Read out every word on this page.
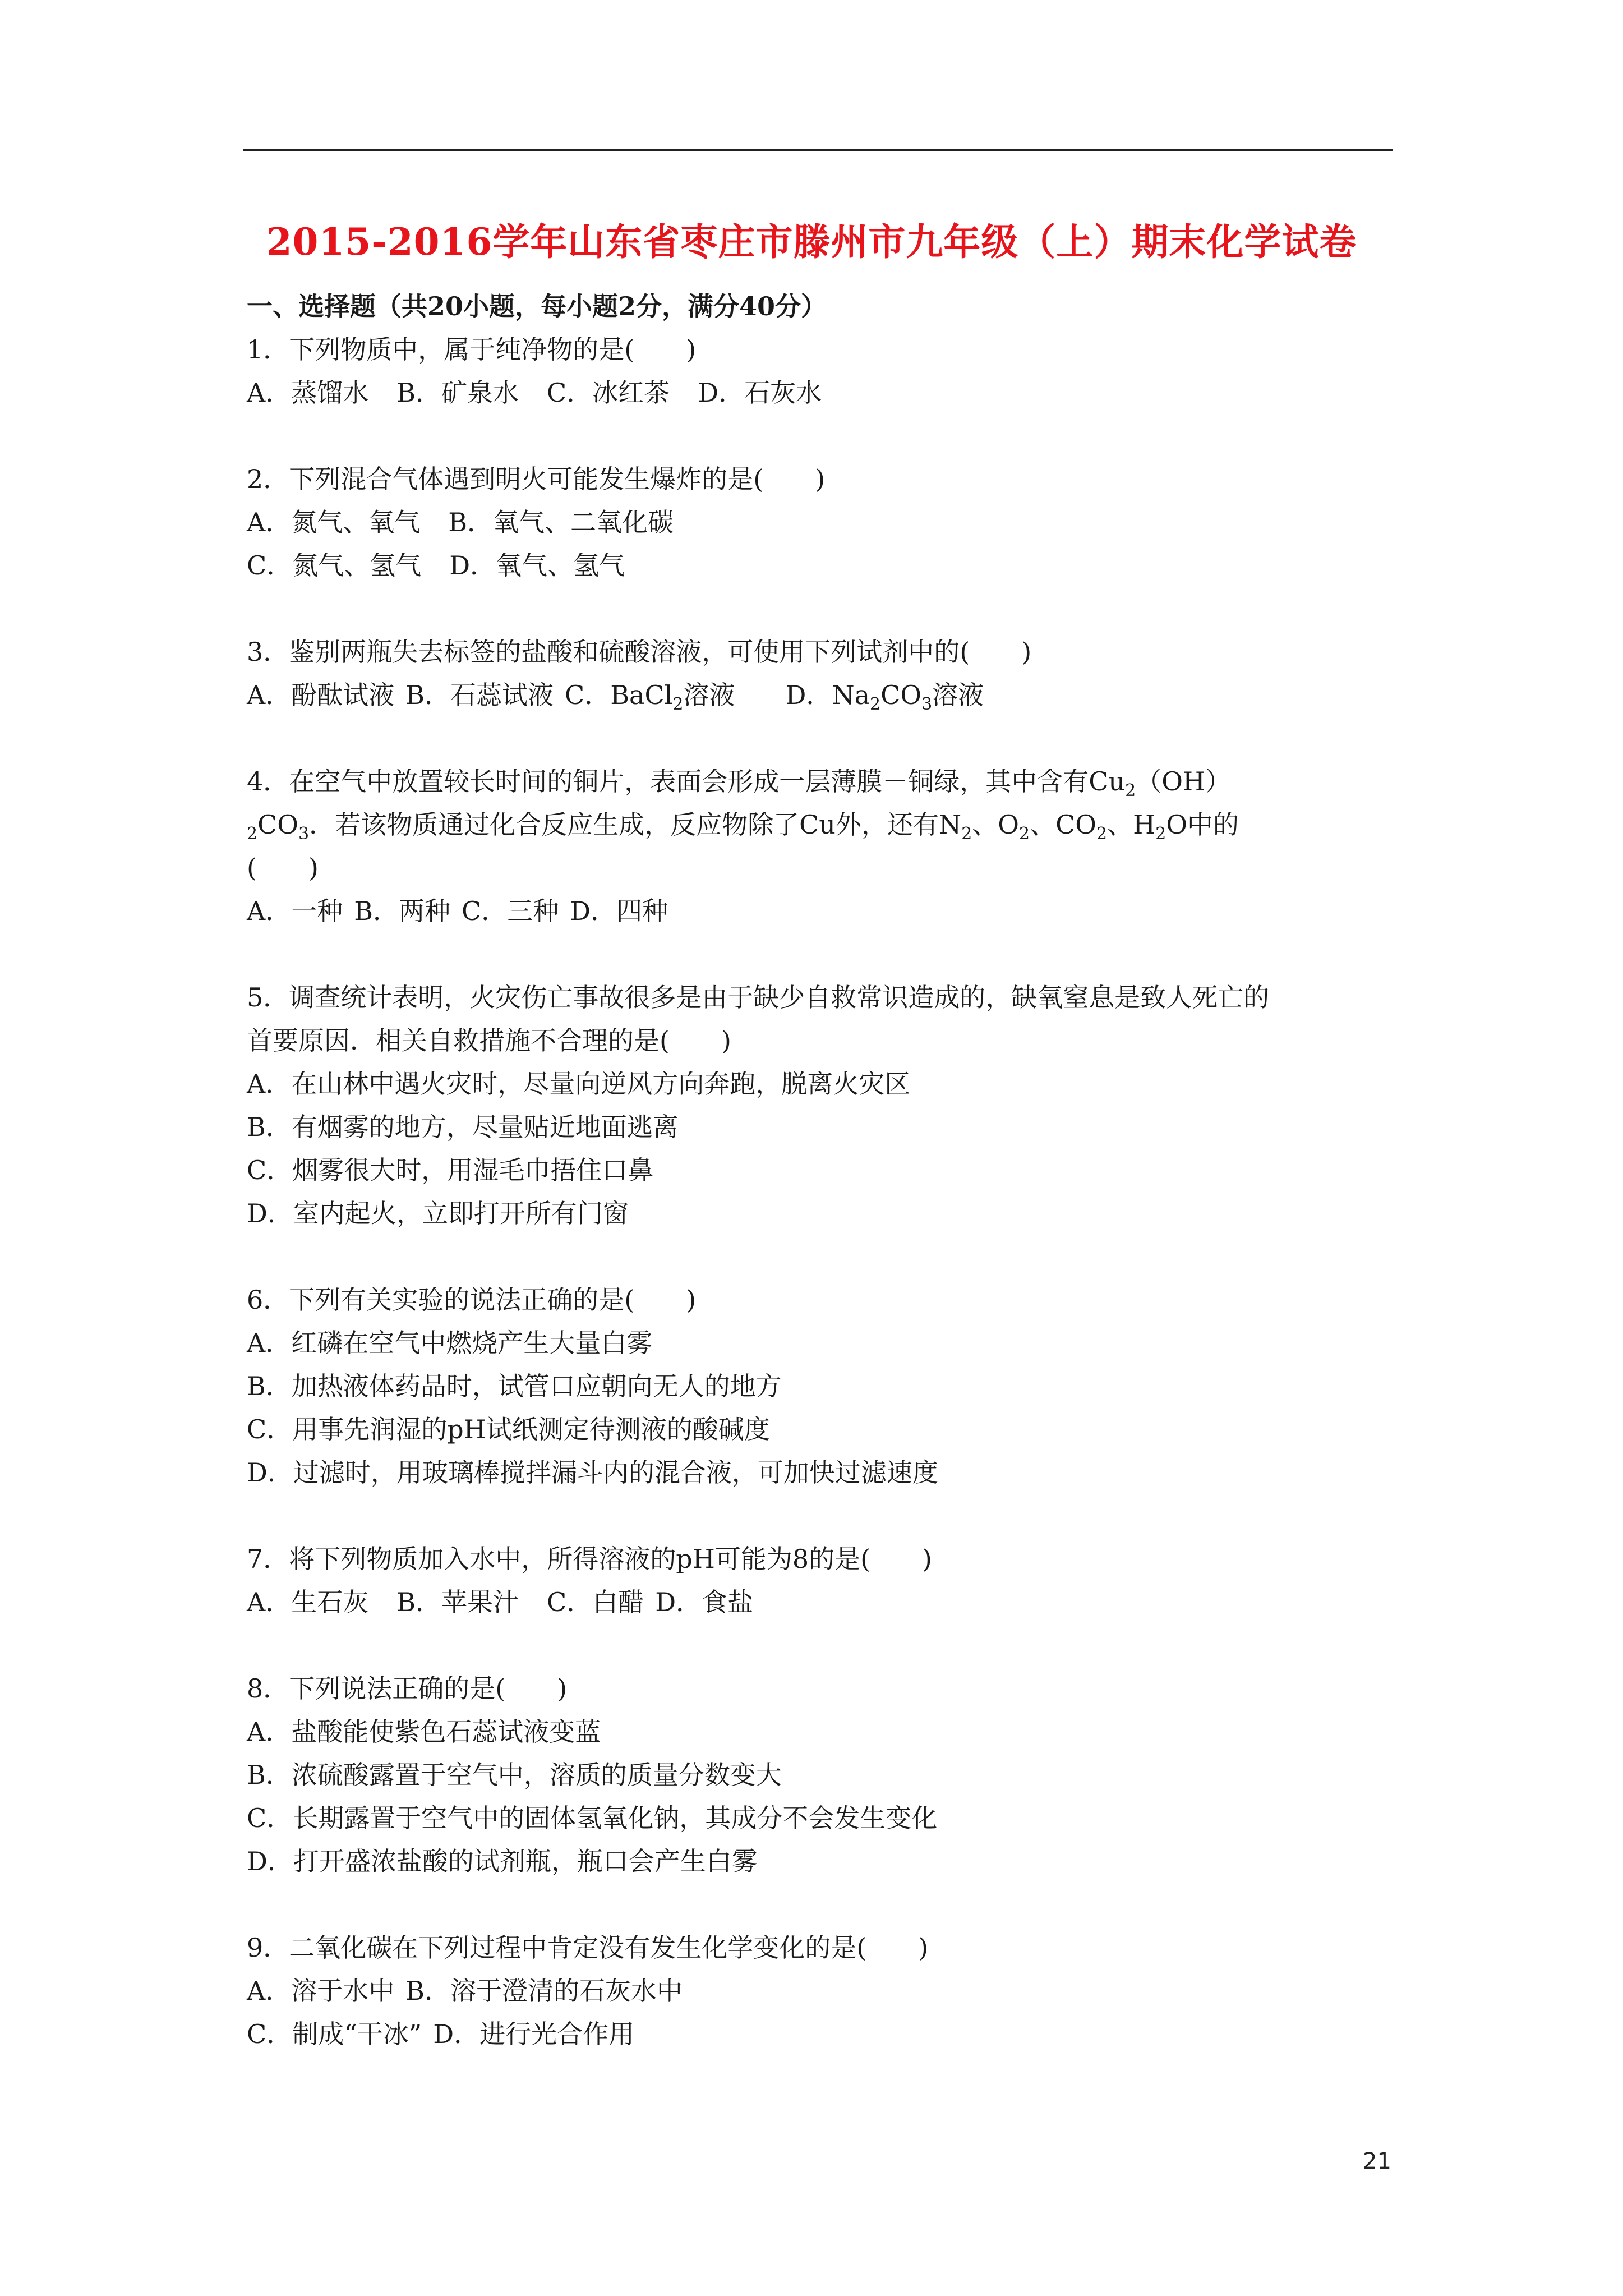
2015-2016学年山东省枣庄市滕州市九年级（上）期末化学试卷
一、选择题（共20小题，每小题2分，满分40分）
1．下列物质中，属于纯净物的是(　　)
A．蒸馏水 B．矿泉水 C．冰红茶 D．石灰水
2．下列混合气体遇到明火可能发生爆炸的是(　　)
A．氮气、氧气 B．氧气、二氧化碳
C．氮气、氢气 D．氧气、氢气
3．鉴别两瓶失去标签的盐酸和硫酸溶液，可使用下列试剂中的(　　)
A．酚酞试液 B．石蕊试液 C．BaCl$_2$溶液 D．$Na_2CO_3$溶液
4．在空气中放置较长时间的铜片，表面会形成一层薄膜－铜绿，其中含有$Cu_2(OH)$
$_2CO_3$．若该物质通过化合反应生成，反应物除了Cu外，还有$N_2$、$O_2$、$CO_2$、$H_2O$中的
(　　)
A．一种 B．两种 C．三种 D．四种
5．调查统计表明，火灾伤亡事故很多是由于缺少自救常识造成的，缺氧窒息是致人死亡的
首要原因．相关自救措施不合理的是(　　)
A．在山林中遇火灾时，尽量向逆风方向奔跑，脱离火灾区
B．有烟雾的地方，尽量贴近地面逃离
C．烟雾很大时，用湿毛巾捂住口鼻
D．室内起火，立即打开所有门窗
6．下列有关实验的说法正确的是(　　)
A．红磷在空气中燃烧产生大量白雾
B．加热液体药品时，试管口应朝向无人的地方
C．用事先润湿的pH试纸测定待测液的酸碱度
D．过滤时，用玻璃棒搅拌漏斗内的混合液，可加快过滤速度
7．将下列物质加入水中，所得溶液的pH可能为8的是(　　)
A．生石灰 B．苹果汁 C．白醋 D．食盐
8．下列说法正确的是(　　)
A．盐酸能使紫色石蕊试液变蓝
B．浓硫酸露置于空气中，溶质的质量分数变大
C．长期露置于空气中的固体氢氧化钠，其成分不会发生变化
D．打开盛浓盐酸的试剂瓶，瓶口会产生白雾
9．二氧化碳在下列过程中肯定没有发生化学变化的是(　　)
A．溶于水中 B．溶于澄清的石灰水中
C．制成“干冰” D．进行光合作用
21
